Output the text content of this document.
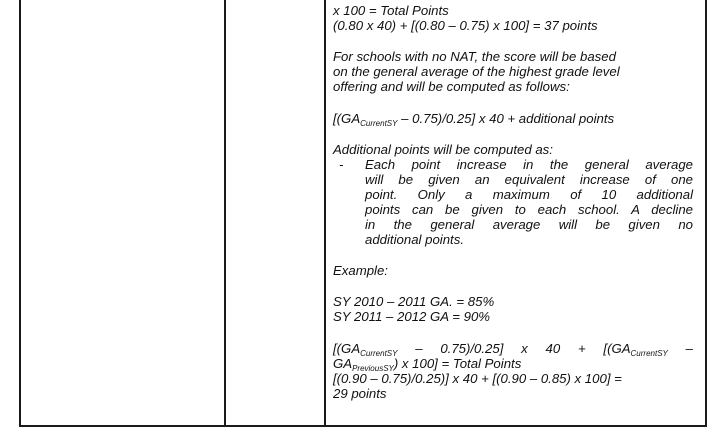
x 100 = Total Points
(0.80 x 40) + [(0.80 – 0.75) x 100] = 37 points
For schools with no NAT, the score will be based
on the general average of the highest grade level
offering and will be computed as follows:
$[(GA_{CurrentSY} - 0.75)/0.25]$ x 40 + additional points
Additional points will be computed as:
- Each point increase in the general average
will be given an equivalent increase of one
point. Only a maximum of 10 additional
points can be given to each school. A decline
in the general average will be given no
additional points.
Example:
SY 2010 – 2011 GA. = 85%
SY 2011 – 2012 GA = 90%
$[(GA_{CurrentSY} - 0.75)/0.25]$ x $40 + [(GA_{CurrentSY}$ –
$GA_{PreviousSY}$) x 100] = Total Points
[(0.90 – 0.75)/0.25)] x 40 + [(0.90 – 0.85) x 100] =
29 points
